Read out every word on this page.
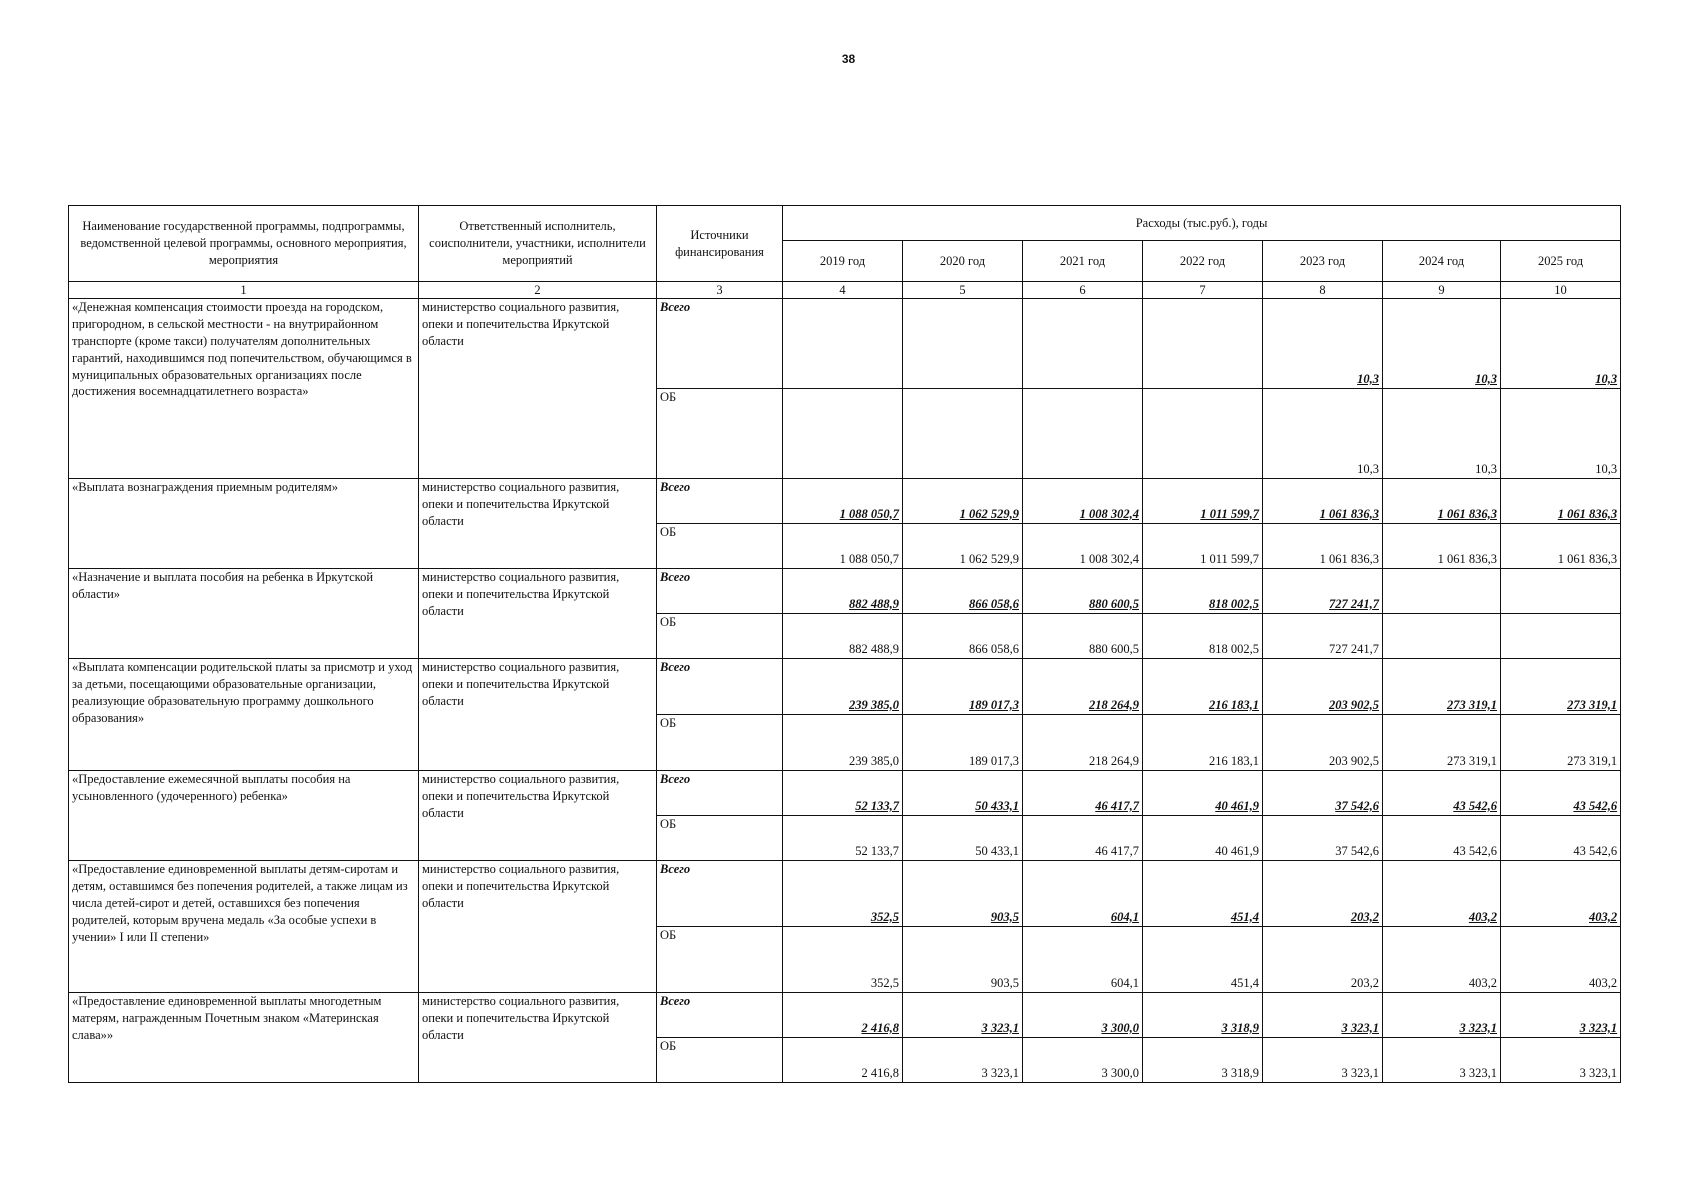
38
Наименование государственной программы, подпрограммы, ведомственной целевой программы, основного мероприятия, мероприятия	Ответственный исполнитель, соисполнители, участники, исполнители мероприятий	Источники финансирования	Расходы (тыс.руб.), годы						
			2019 год	2020 год	2021 год	2022 год	2023 год	2024 год	2025 год
1	2	3	4	5	6	7	8	9	10
«Денежная компенсация стоимости проезда на городском, пригородном, в сельской местности - на внутрирайонном транспорте (кроме такси) получателям дополнительных гарантий, находившимся под попечительством, обучающимся в муниципальных образовательных организациях после достижения восемнадцатилетнего возраста»	министерство социального развития, опеки и попечительства Иркутской области	Всего					10,3	10,3	10,3
		ОБ					10,3	10,3	10,3
«Выплата вознаграждения приемным родителям»	министерство социального развития, опеки и попечительства Иркутской области	Всего	1 088 050,7	1 062 529,9	1 008 302,4	1 011 599,7	1 061 836,3	1 061 836,3	1 061 836,3
		ОБ	1 088 050,7	1 062 529,9	1 008 302,4	1 011 599,7	1 061 836,3	1 061 836,3	1 061 836,3
«Назначение и выплата пособия на ребенка в Иркутской области»	министерство социального развития, опеки и попечительства Иркутской области	Всего	882 488,9	866 058,6	880 600,5	818 002,5	727 241,7		
		ОБ	882 488,9	866 058,6	880 600,5	818 002,5	727 241,7		
«Выплата компенсации родительской платы за присмотр и уход за детьми, посещающими образовательные организации, реализующие образовательную программу дошкольного образования»	министерство социального развития, опеки и попечительства Иркутской области	Всего	239 385,0	189 017,3	218 264,9	216 183,1	203 902,5	273 319,1	273 319,1
		ОБ	239 385,0	189 017,3	218 264,9	216 183,1	203 902,5	273 319,1	273 319,1
«Предоставление ежемесячной выплаты пособия на усыновленного (удочеренного) ребенка»	министерство социального развития, опеки и попечительства Иркутской области	Всего	52 133,7	50 433,1	46 417,7	40 461,9	37 542,6	43 542,6	43 542,6
		ОБ	52 133,7	50 433,1	46 417,7	40 461,9	37 542,6	43 542,6	43 542,6
«Предоставление единовременной выплаты детям-сиротам и детям, оставшимся без попечения родителей, а также лицам из числа детей-сирот и детей, оставшихся без попечения родителей, которым вручена медаль «За особые успехи в учении» I или II степени»	министерство социального развития, опеки и попечительства Иркутской области	Всего	352,5	903,5	604,1	451,4	203,2	403,2	403,2
		ОБ	352,5	903,5	604,1	451,4	203,2	403,2	403,2
«Предоставление единовременной выплаты многодетным матерям, награжденным Почетным знаком «Материнская слава»»	министерство социального развития, опеки и попечительства Иркутской области	Всего	2 416,8	3 323,1	3 300,0	3 318,9	3 323,1	3 323,1	3 323,1
		ОБ	2 416,8	3 323,1	3 300,0	3 318,9	3 323,1	3 323,1	3 323,1
